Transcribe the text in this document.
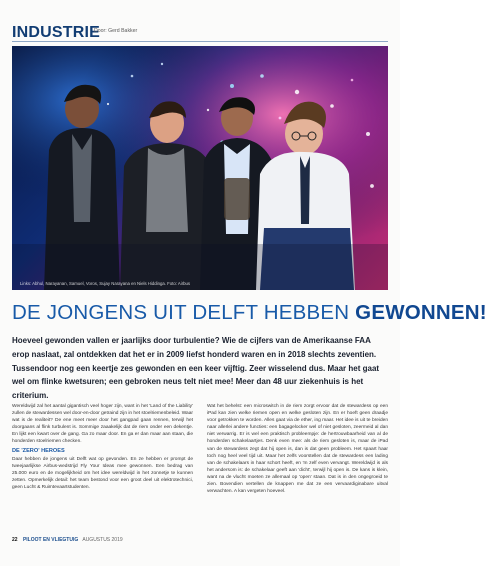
INDUSTRIE
Door: Gerd Bakker
Links: Abhul, Narayanan, Samuel, Voros, Sujay Narayana en Niels Hiddinga. Foto: Airbus
DE JONGENS UIT DELFT HEBBEN GEWONNEN!

Hoeveel gewonden vallen er jaarlijks door turbulentie? Wie de cijfers van de Amerikaanse FAA erop naslaat, zal ontdekken dat het er in 2009 liefst honderd waren en in 2018 slechts zeventien. Tussendoor nog een keertje zes gewonden en een keer vijftig. Zeer wisselend dus. Maar het gaat wel om flinke kwetsuren; een gebroken neus telt niet mee! Meer dan 48 uur ziekenhuis is het criterium.

Wereldwijd zal het aantal gigantisch veel hoger zijn, want in het 'Land of the Liability' zullen de stewardessen wel door-en-door getraind zijn in het stoelriemenbeleid. Waar wat is de realiteit? De ene meet meer door het gangpad gaan rennen, terwijl het doorgaans al flink turbulent is. Sommige zaaakelijk dat de riem onder een dekentje. En lijkt een kwart over de gang. Ga zo maar door. En ga er dan maar aan staan, die honderden stoelriemen checken.

DE 'ZERO' HEROES

Daar hebben de jongens uit Delft wat op gevonden. En ze hebben er prompt de tweejaarlijkse Airbus-wedstrijd Fly Your Ideas mee gewonnen. Een bedrag van 25.000 euro en de mogelijkheid om het idee wereldwijd in het zonnetje te kunnen zetten. Opmerkelijk detail: het team bestond voor een groot deel uit elektrotechnici, geen Lucht & Ruimtevaartstudenten.

Wat het behelst: een microswitch in de riem zorgt ervoor dat de stewardess op een iPad kan zien welke riemen open en welke gesloten zijn. En er hoeft geen draadje voor getrokken te worden. Alles gaat via de ether, ing maar. Het idee is uit te breiden naar allerlei andere functies: een bagagelocker wel of niet gesloten, zeermeid al dan niet verwarrig. Er is wel een praktisch probleempje: de hertrouwbaarheid van al de honderden schakelaartjes. Denk even mee: als de riem gesloten is, maar de iPad van de stewardess zegt dat hij open is, dan is dat geen probleem. Het spaart haar toch nog heel veel tijd uit. Maar het zelfs voorstellen dat de stewardess een lading van de schakelaars in haar schort heeft, en 'm zelf even vervangt. Wereldwijd is als het andersom is: de schakelaar geeft aan 'dicht', terwijl hij open is. De kans is klein, want na de vlucht moeten ze allemaal op 'open' staan. Dat is in den ongegroeid te zien. Bovendien vertellen de knappen me dat ze een vervaardiginabare uitval verwachten. A kan vergeten hoeveel.

22 PILOOT EN VLIEGTUIG AUGUSTUS 2019
